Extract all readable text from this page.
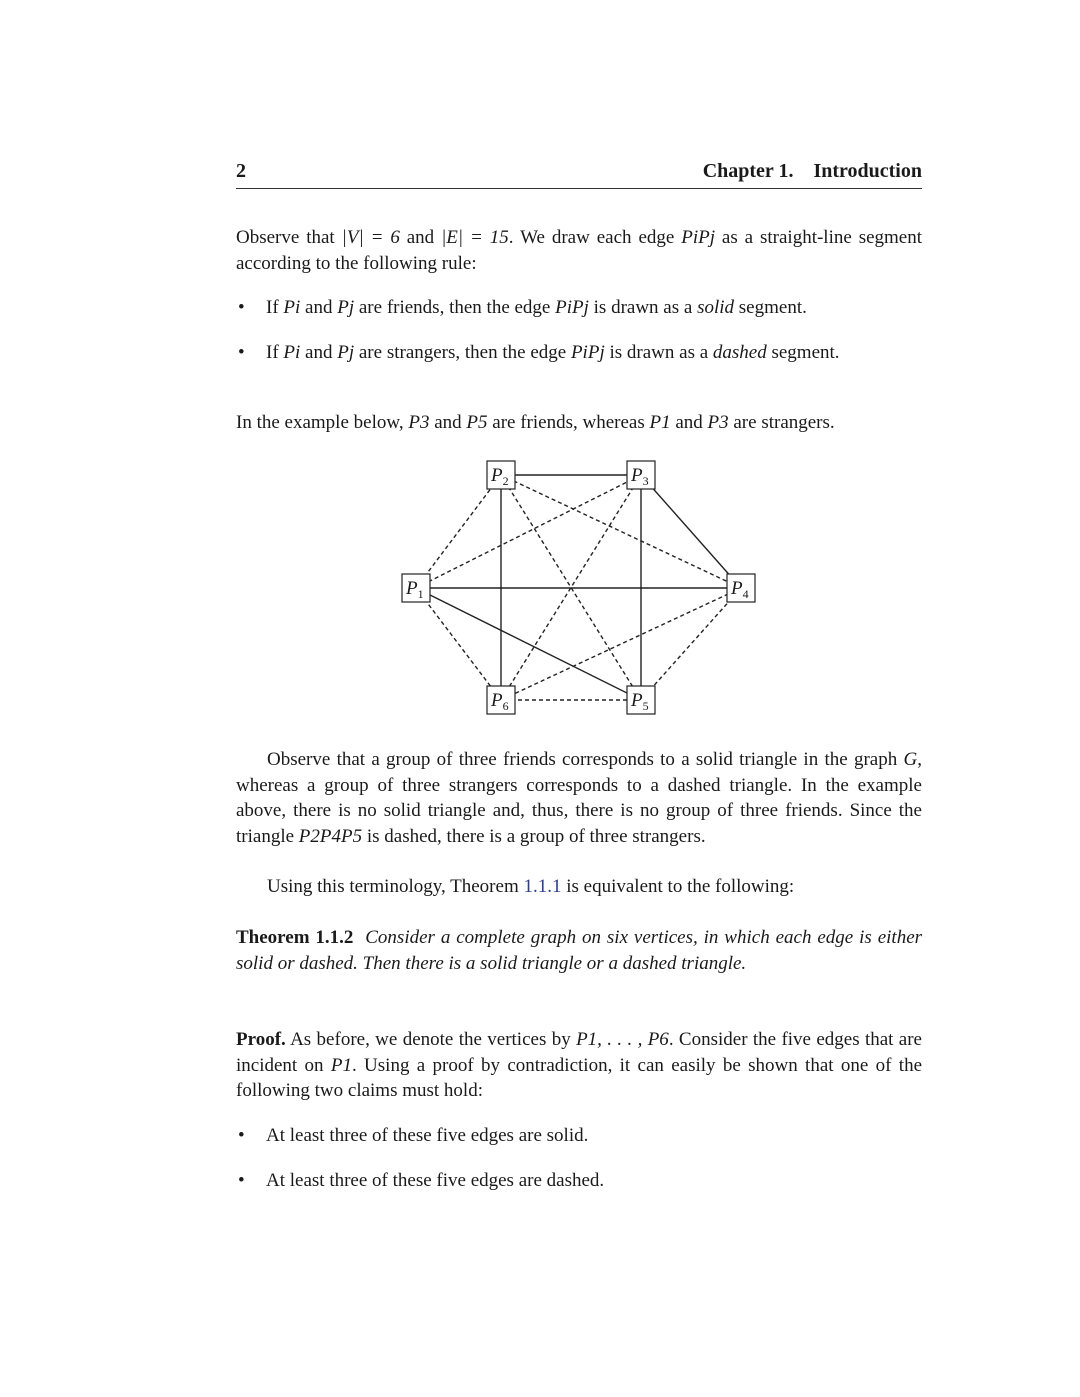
2	Chapter 1.    Introduction

Observe that |V| = 6 and |E| = 15. We draw each edge PiPj as a straight-line segment according to the following rule:

• If Pi and Pj are friends, then the edge PiPj is drawn as a solid segment.

• If Pi and Pj are strangers, then the edge PiPj is drawn as a dashed segment.

In the example below, P3 and P5 are friends, whereas P1 and P3 are strangers.

$P_1$
$P_2$	$P_3$
$P_4$
$P_5$
$P_6$

Observe that a group of three friends corresponds to a solid triangle in the graph G, whereas a group of three strangers corresponds to a dashed triangle. In the example above, there is no solid triangle and, thus, there is no group of three friends. Since the triangle P2P4P5 is dashed, there is a group of three strangers.

Using this terminology, Theorem 1.1.1 is equivalent to the following:

Theorem 1.1.2 Consider a complete graph on six vertices, in which each edge is either solid or dashed. Then there is a solid triangle or a dashed triangle.

Proof. As before, we denote the vertices by P1, . . . , P6. Consider the five edges that are incident on P1. Using a proof by contradiction, it can easily be shown that one of the following two claims must hold:

• At least three of these five edges are solid.

• At least three of these five edges are dashed.
